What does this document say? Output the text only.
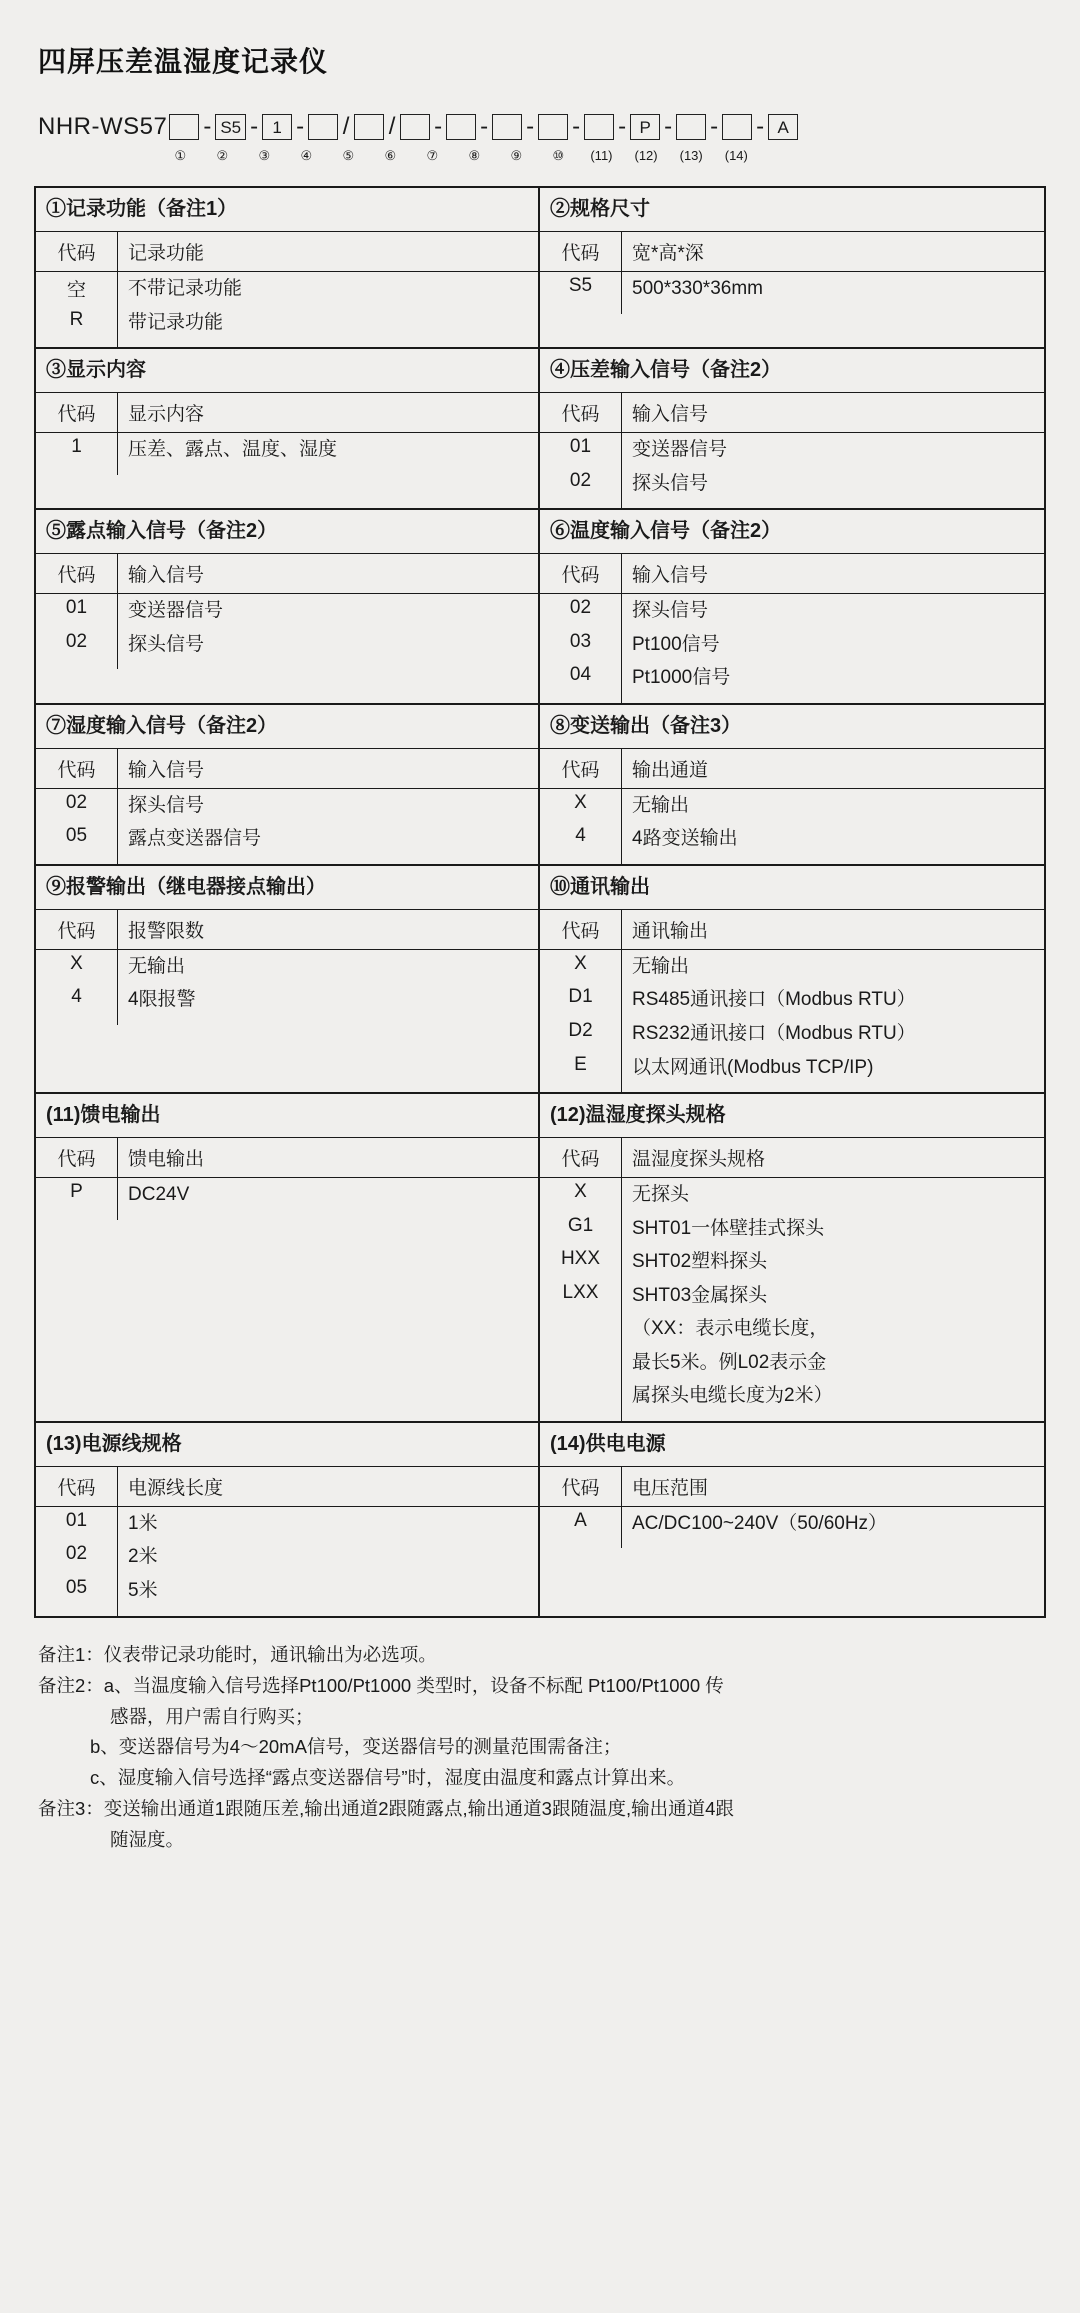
四屏压差温湿度记录仪
NHR-WS57 - S5 - 1 - / / - - - - - P - - - A
①	②	③	④	⑤	⑥	⑦	⑧	⑨	⑩	(11)	(12)	(13)	(14)
①记录功能（备注1）
代码	记录功能
空	不带记录功能
R	带记录功能
②规格尺寸
代码	宽*高*深
S5	500*330*36mm
③显示内容
代码	显示内容
1	压差、露点、温度、湿度
④压差输入信号（备注2）
代码	输入信号
01	变送器信号
02	探头信号
⑤露点输入信号（备注2）
代码	输入信号
01	变送器信号
02	探头信号
⑥温度输入信号（备注2）
代码	输入信号
02	探头信号
03	Pt100信号
04	Pt1000信号
⑦湿度输入信号（备注2）
代码	输入信号
02	探头信号
05	露点变送器信号
⑧变送输出（备注3）
代码	输出通道
X	无输出
4	4路变送输出
⑨报警输出（继电器接点输出）
代码	报警限数
X	无输出
4	4限报警
⑩通讯输出
代码	通讯输出
X	无输出
D1	RS485通讯接口（Modbus RTU）
D2	RS232通讯接口（Modbus RTU）
E	以太网通讯(Modbus TCP/IP)
(11)馈电输出
代码	馈电输出
P	DC24V
(12)温湿度探头规格
代码	温湿度探头规格
X	无探头
G1	SHT01一体壁挂式探头
HXX	SHT02塑料探头
LXX	SHT03金属探头
（XX：表示电缆长度，
最长5米。例L02表示金
属探头电缆长度为2米）
(13)电源线规格
代码	电源线长度
01	1米
02	2米
05	5米
(14)供电电源
代码	电压范围
A	AC/DC100~240V（50/60Hz）
备注1： 仪表带记录功能时，通讯输出为必选项。
备注2： a、当温度输入信号选择Pt100/Pt1000 类型时，设备不标配 Pt100/Pt1000 传
感器，用户需自行购买；
b、变送器信号为4～20mA信号，变送器信号的测量范围需备注；
c、湿度输入信号选择“露点变送器信号”时，湿度由温度和露点计算出来。
备注3： 变送输出通道1跟随压差,输出通道2跟随露点,输出通道3跟随温度,输出通道4跟
随湿度。
